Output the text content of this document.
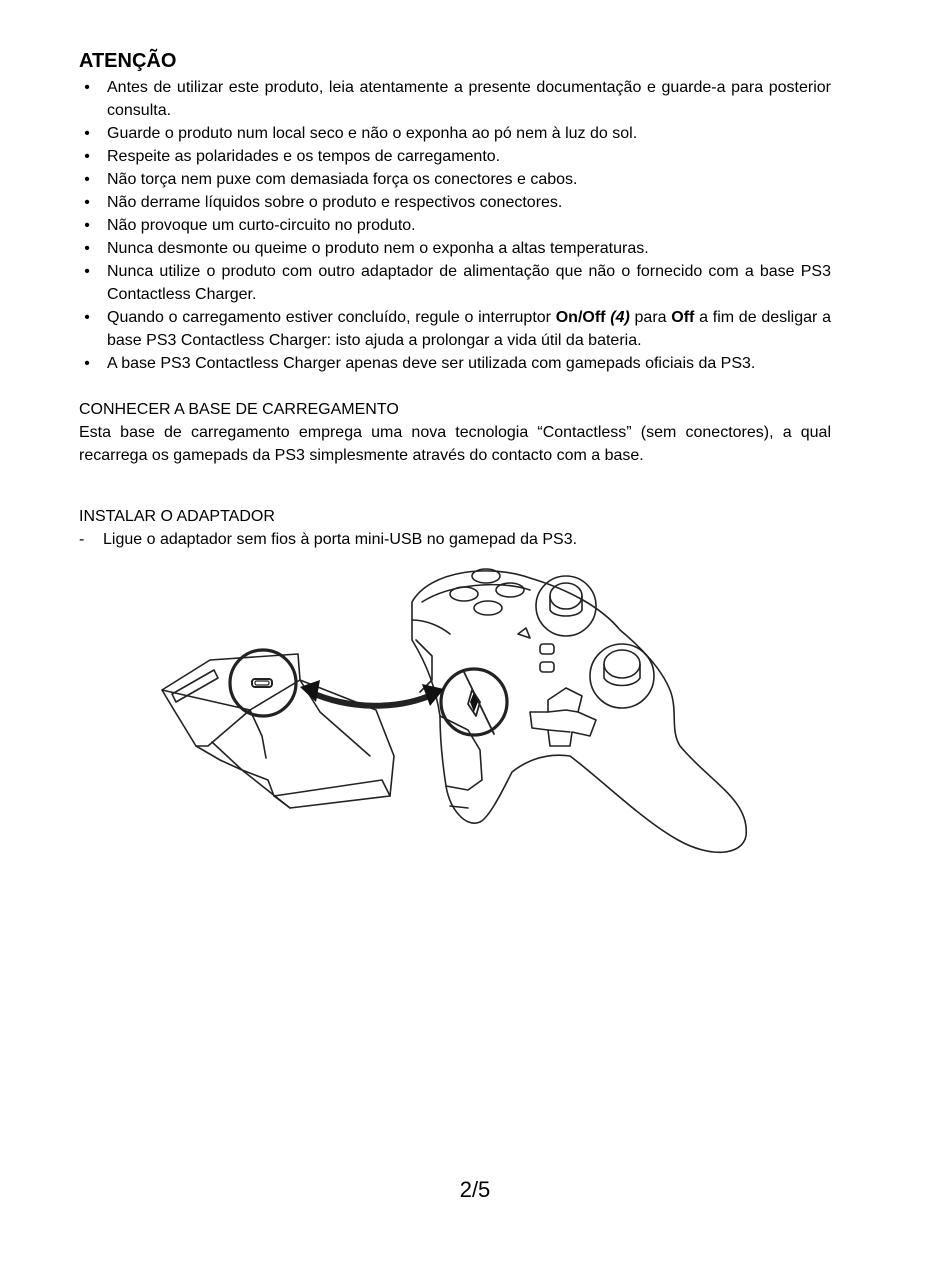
ATENÇÃO
•	Antes de utilizar este produto, leia atentamente a presente documentação e guarde-a para posterior consulta.
•	Guarde o produto num local seco e não o exponha ao pó nem à luz do sol.
•	Respeite as polaridades e os tempos de carregamento.
•	Não torça nem puxe com demasiada força os conectores e cabos.
•	Não derrame líquidos sobre o produto e respectivos conectores.
•	Não provoque um curto-circuito no produto.
•	Nunca desmonte ou queime o produto nem o exponha a altas temperaturas.
•	Nunca utilize o produto com outro adaptador de alimentação que não o fornecido com a base PS3 Contactless Charger.
•	Quando o carregamento estiver concluído, regule o interruptor On/Off (4) para Off a fim de desligar a base PS3 Contactless Charger: isto ajuda a prolongar a vida útil da bateria.
•	A base PS3 Contactless Charger apenas deve ser utilizada com gamepads oficiais da PS3.
CONHECER A BASE DE CARREGAMENTO

Esta base de carregamento emprega uma nova tecnologia “Contactless” (sem conectores), a qual recarrega os gamepads da PS3 simplesmente através do contacto com a base.

INSTALAR O ADAPTADOR
- Ligue o adaptador sem fios à porta mini-USB no gamepad da PS3.
2/5
